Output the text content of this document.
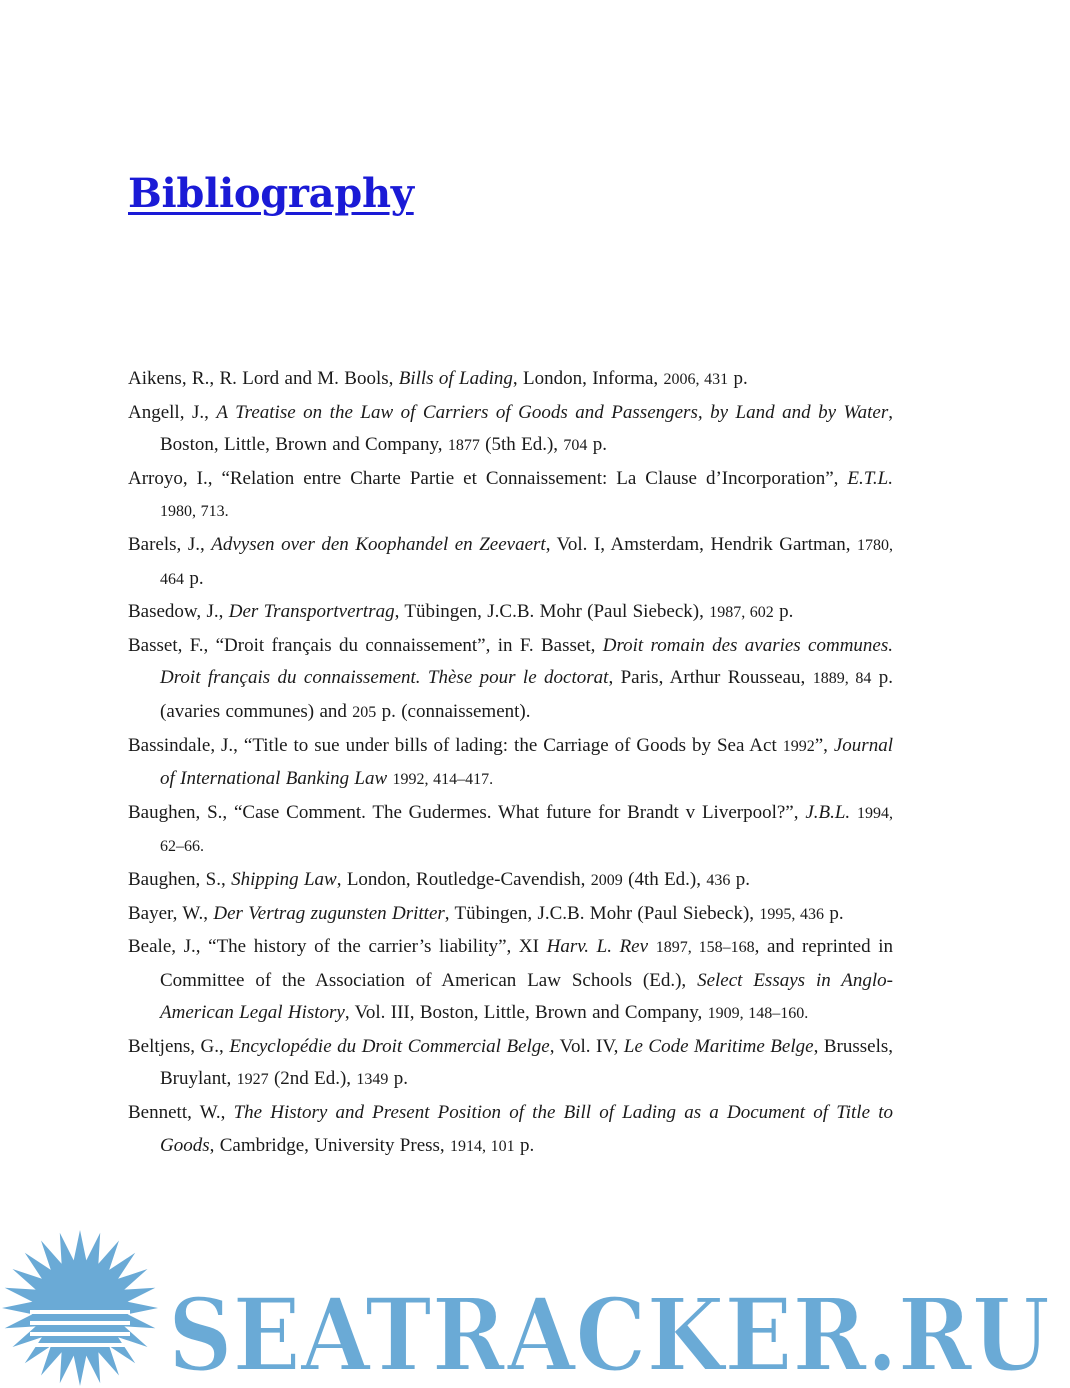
Bibliography
Aikens, R., R. Lord and M. Bools, Bills of Lading, London, Informa, 2006, 431 p.
Angell, J., A Treatise on the Law of Carriers of Goods and Passengers, by Land and by Water, Boston, Little, Brown and Company, 1877 (5th Ed.), 704 p.
Arroyo, I., “Relation entre Charte Partie et Connaissement: La Clause d’Incorporation”, E.T.L. 1980, 713.
Barels, J., Advysen over den Koophandel en Zeevaert, Vol. I, Amsterdam, Hendrik Gartman, 1780, 464 p.
Basedow, J., Der Transportvertrag, Tübingen, J.C.B. Mohr (Paul Siebeck), 1987, 602 p.
Basset, F., “Droit français du connaissement”, in F. Basset, Droit romain des avaries communes. Droit français du connaissement. Thèse pour le doctorat, Paris, Arthur Rousseau, 1889, 84 p. (avaries communes) and 205 p. (connaissement).
Bassindale, J., “Title to sue under bills of lading: the Carriage of Goods by Sea Act 1992”, Journal of International Banking Law 1992, 414–417.
Baughen, S., “Case Comment. The Gudermes. What future for Brandt v Liverpool?”, J.B.L. 1994, 62–66.
Baughen, S., Shipping Law, London, Routledge-Cavendish, 2009 (4th Ed.), 436 p.
Bayer, W., Der Vertrag zugunsten Dritter, Tübingen, J.C.B. Mohr (Paul Siebeck), 1995, 436 p.
Beale, J., “The history of the carrier’s liability”, XI Harv. L. Rev 1897, 158–168, and reprinted in Committee of the Association of American Law Schools (Ed.), Select Essays in Anglo-American Legal History, Vol. III, Boston, Little, Brown and Company, 1909, 148–160.
Beltjens, G., Encyclopédie du Droit Commercial Belge, Vol. IV, Le Code Maritime Belge, Brussels, Bruylant, 1927 (2nd Ed.), 1349 p.
Bennett, W., The History and Present Position of the Bill of Lading as a Document of Title to Goods, Cambridge, University Press, 1914, 101 p.
SEATRACKER.RU
